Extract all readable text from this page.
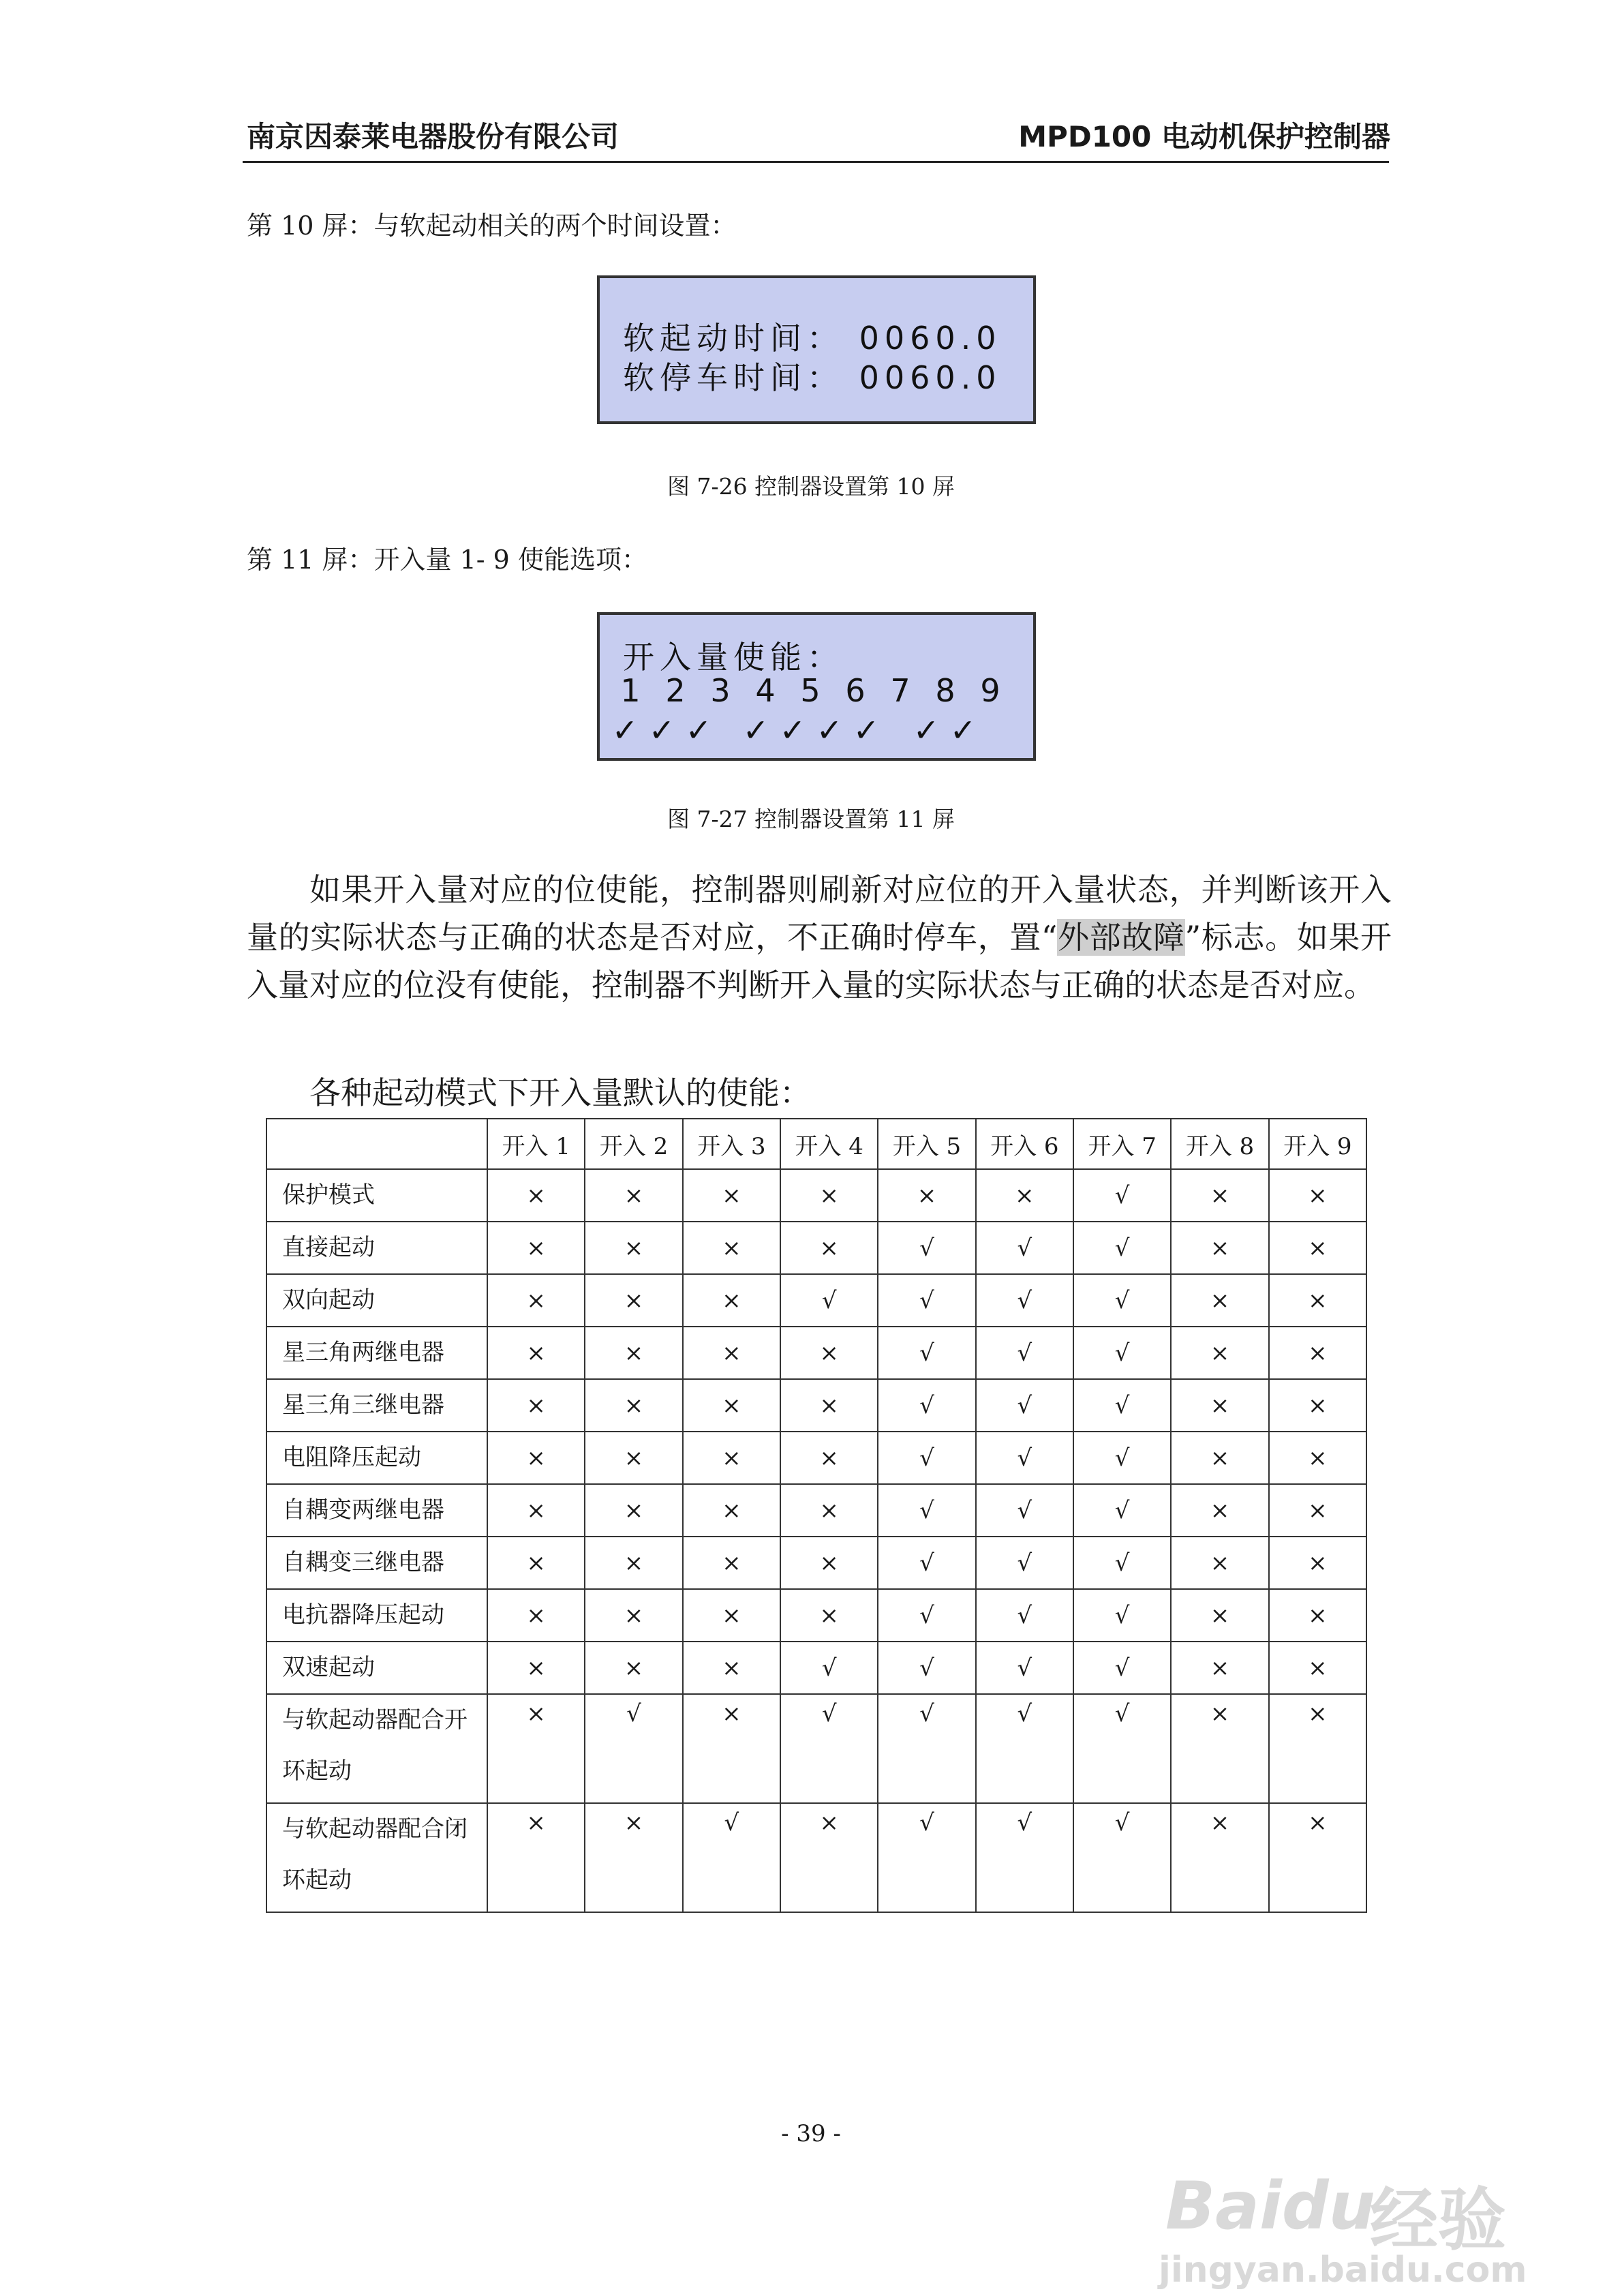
南京因泰莱电器股份有限公司	MPD100 电动机保护控制器
第 10 屏：与软起动相关的两个时间设置：
软起动时间： 0060.0
软停车时间： 0060.0
图 7-26 控制器设置第 10 屏
第 11 屏：开入量 1- 9 使能选项：
开入量使能：
1 2 3 4 5 6 7 8 9
✓ ✓ ✓ ✓ ✓ ✓ ✓ ✓ ✓
图 7-27 控制器设置第 11 屏
如果开入量对应的位使能，控制器则刷新对应位的开入量状态，并判断该开入量的实际状态与正确的状态是否对应，不正确时停车，置“外部故障”标志。如果开入量对应的位没有使能，控制器不判断开入量的实际状态与正确的状态是否对应。
各种起动模式下开入量默认的使能：
	开入 1	开入 2	开入 3	开入 4	开入 5	开入 6	开入 7	开入 8	开入 9
保护模式	×	×	×	×	×	×	√	×	×
直接起动	×	×	×	×	√	√	√	×	×
双向起动	×	×	×	√	√	√	√	×	×
星三角两继电器	×	×	×	×	√	√	√	×	×
星三角三继电器	×	×	×	×	√	√	√	×	×
电阻降压起动	×	×	×	×	√	√	√	×	×
自耦变两继电器	×	×	×	×	√	√	√	×	×
自耦变三继电器	×	×	×	×	√	√	√	×	×
电抗器降压起动	×	×	×	×	√	√	√	×	×
双速起动	×	×	×	√	√	√	√	×	×
与软起动器配合开环起动	×	√	×	√	√	√	√	×	×
与软起动器配合闭环起动	×	×	√	×	√	√	√	×	×
- 39 -
Baidu
经验
jingyan.baidu.com
